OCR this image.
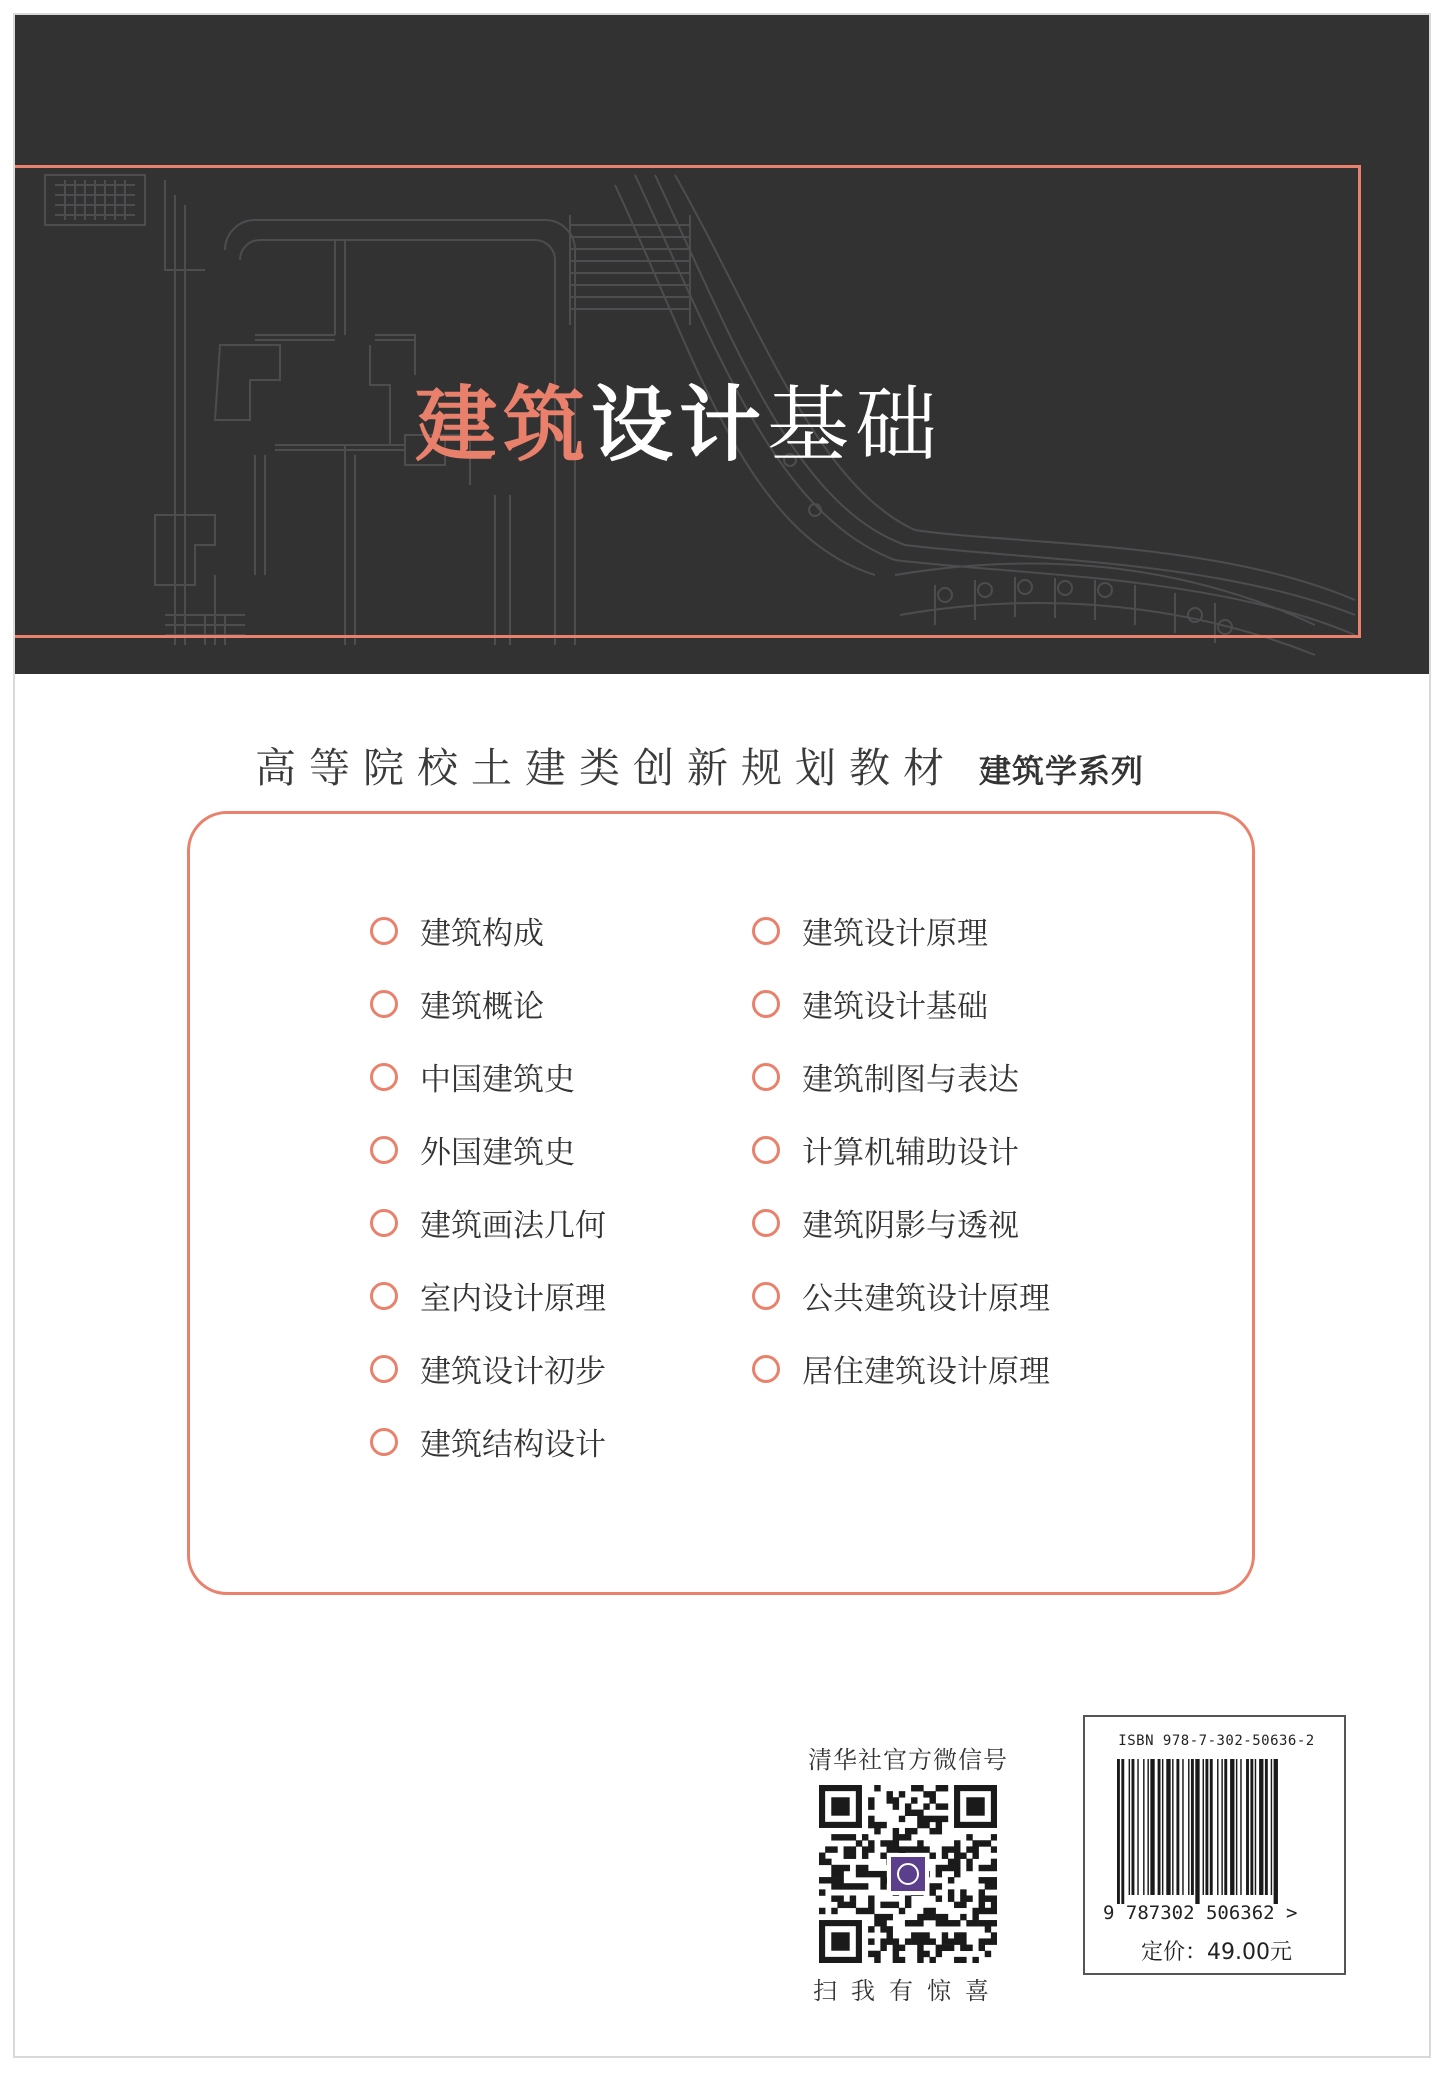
建筑设计基础
高等院校土建类创新规划教材 建筑学系列
建筑构成
建筑概论
中国建筑史
外国建筑史
建筑画法几何
室内设计原理
建筑设计初步
建筑结构设计
建筑设计原理
建筑设计基础
建筑制图与表达
计算机辅助设计
建筑阴影与透视
公共建筑设计原理
居住建筑设计原理
清华社官方微信号
扫我有惊喜
ISBN 978-7-302-50636-2
9 787302 506362 >
定价：49.00元
